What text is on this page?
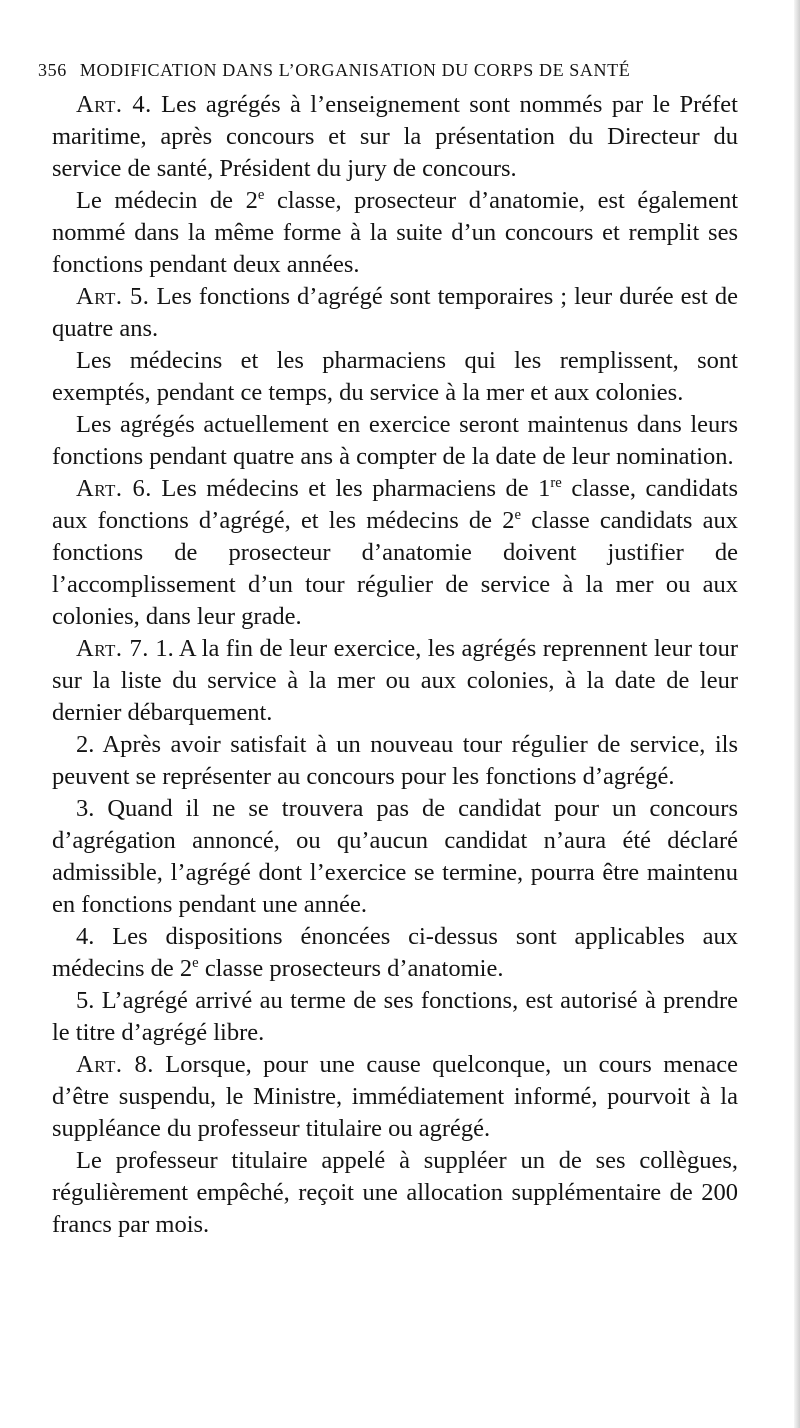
356 MODIFICATION DANS L’ORGANISATION DU CORPS DE SANTÉ

Art. 4. Les agrégés à l’enseignement sont nommés par le Préfet maritime, après concours et sur la présentation du Directeur du service de santé, Président du jury de concours.

Le médecin de 2e classe, prosecteur d’anatomie, est également nommé dans la même forme à la suite d’un concours et remplit ses fonctions pendant deux années.

Art. 5. Les fonctions d’agrégé sont temporaires ; leur durée est de quatre ans.

Les médecins et les pharmaciens qui les remplissent, sont exemptés, pendant ce temps, du service à la mer et aux colonies.

Les agrégés actuellement en exercice seront maintenus dans leurs fonctions pendant quatre ans à compter de la date de leur nomination.

Art. 6. Les médecins et les pharmaciens de 1re classe, candidats aux fonctions d’agrégé, et les médecins de 2e classe candidats aux fonctions de prosecteur d’anatomie doivent justifier de l’accomplissement d’un tour régulier de service à la mer ou aux colonies, dans leur grade.

Art. 7. 1. A la fin de leur exercice, les agrégés reprennent leur tour sur la liste du service à la mer ou aux colonies, à la date de leur dernier débarquement.

2. Après avoir satisfait à un nouveau tour régulier de service, ils peuvent se représenter au concours pour les fonctions d’agrégé.

3. Quand il ne se trouvera pas de candidat pour un concours d’agrégation annoncé, ou qu’aucun candidat n’aura été déclaré admissible, l’agrégé dont l’exercice se termine, pourra être maintenu en fonctions pendant une année.

4. Les dispositions énoncées ci-dessus sont applicables aux médecins de 2e classe prosecteurs d’anatomie.

5. L’agrégé arrivé au terme de ses fonctions, est autorisé à prendre le titre d’agrégé libre.

Art. 8. Lorsque, pour une cause quelconque, un cours menace d’être suspendu, le Ministre, immédiatement informé, pourvoit à la suppléance du professeur titulaire ou agrégé.

Le professeur titulaire appelé à suppléer un de ses collègues, régulièrement empêché, reçoit une allocation supplémentaire de 200 francs par mois.
